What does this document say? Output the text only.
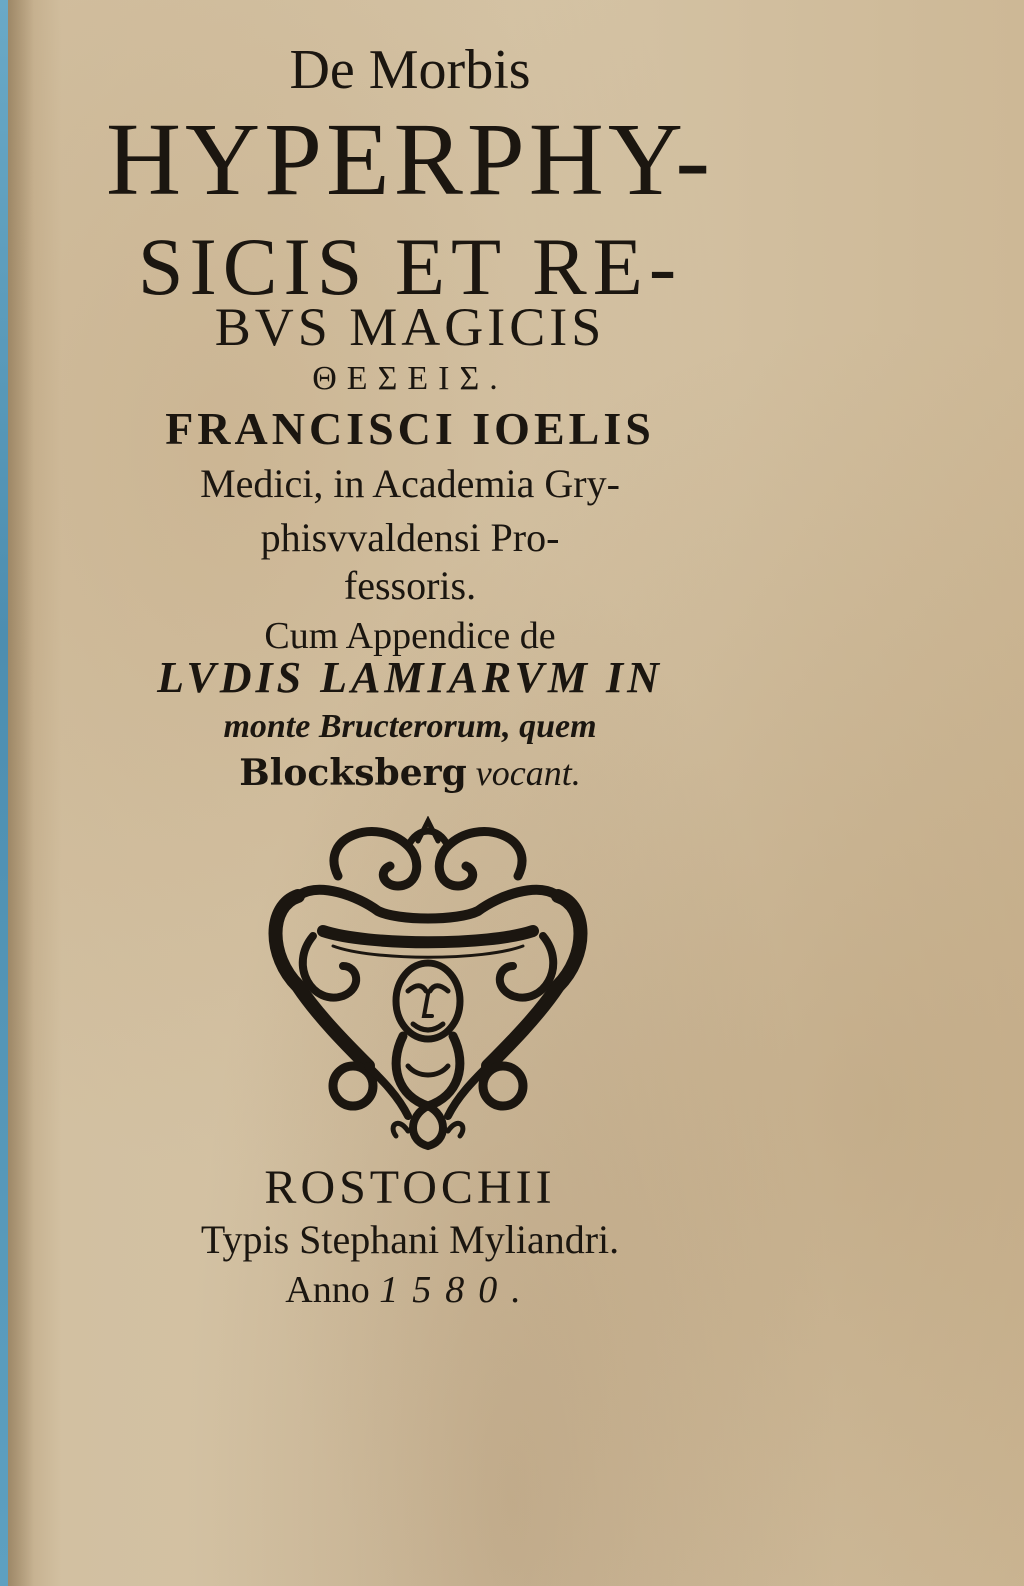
De Morbis
HYPERPHY-
SICIS ET RE-
BVS MAGICIS
ΘΕΣΕΙΣ.
FRANCISCI IOELIS
Medici, in Academia Gry-
phisvvaldensi Pro-
fessoris.
Cum Appendice de
LVDIS LAMIARVM IN
monte Bructerorum, quem
Blocksberg vocant.
ROSTOCHII
Typis Stephani Myliandri.
Anno 1580.
